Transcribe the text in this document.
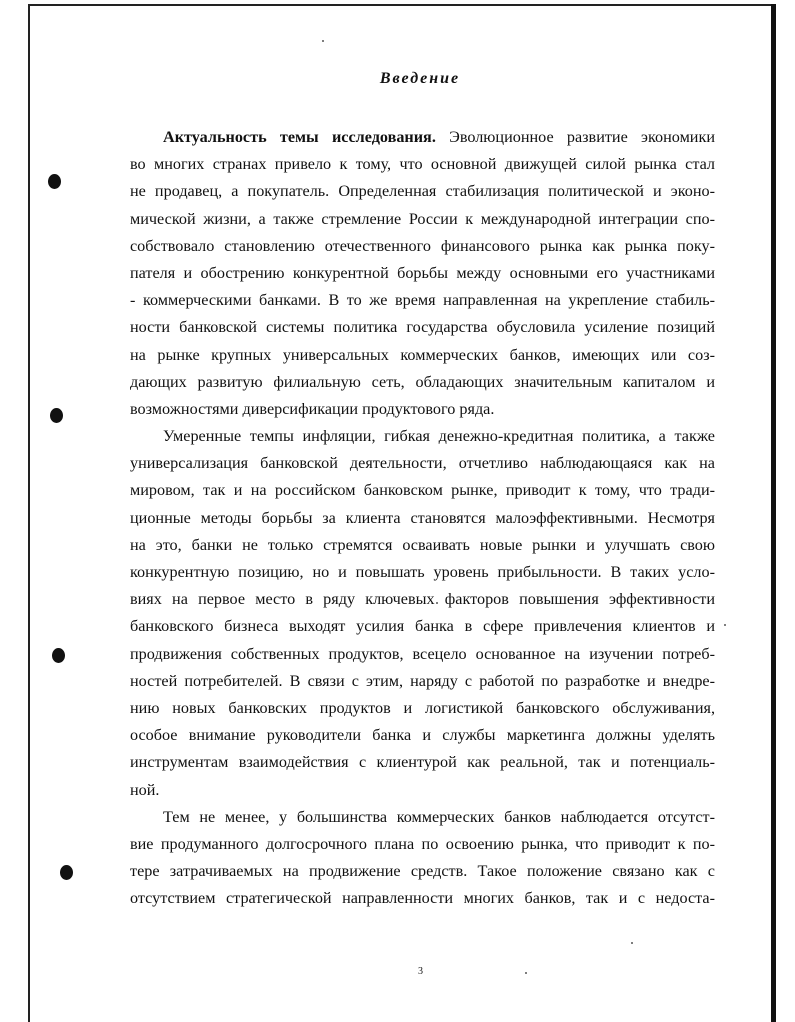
Введение
Актуальность темы исследования. Эволюционное развитие экономики
во многих странах привело к тому, что основной движущей силой рынка стал
не продавец, а покупатель. Определенная стабилизация политической и эконо-
мической жизни, а также стремление России к международной интеграции спо-
собствовало становлению отечественного финансового рынка как рынка поку-
пателя и обострению конкурентной борьбы между основными его участниками
- коммерческими банками. В то же время направленная на укрепление стабиль-
ности банковской системы политика государства обусловила усиление позиций
на рынке крупных универсальных коммерческих банков, имеющих или соз-
дающих развитую филиальную сеть, обладающих значительным капиталом и
возможностями диверсификации продуктового ряда.
Умеренные темпы инфляции, гибкая денежно-кредитная политика, а также
универсализация банковской деятельности, отчетливо наблюдающаяся как на
мировом, так и на российском банковском рынке, приводит к тому, что тради-
ционные методы борьбы за клиента становятся малоэффективными. Несмотря
на это, банки не только стремятся осваивать новые рынки и улучшать свою
конкурентную позицию, но и повышать уровень прибыльности. В таких усло-
виях на первое место в ряду ключевых факторов повышения эффективности
банковского бизнеса выходят усилия банка в сфере привлечения клиентов и
продвижения собственных продуктов, всецело основанное на изучении потреб-
ностей потребителей. В связи с этим, наряду с работой по разработке и внедре-
нию новых банковских продуктов и логистикой банковского обслуживания,
особое внимание руководители банка и службы маркетинга должны уделять
инструментам взаимодействия с клиентурой как реальной, так и потенциаль-
ной.
Тем не менее, у большинства коммерческих банков наблюдается отсутст-
вие продуманного долгосрочного плана по освоению рынка, что приводит к по-
тере затрачиваемых на продвижение средств. Такое положение связано как с
отсутствием стратегической направленности многих банков, так и с недоста-
3
